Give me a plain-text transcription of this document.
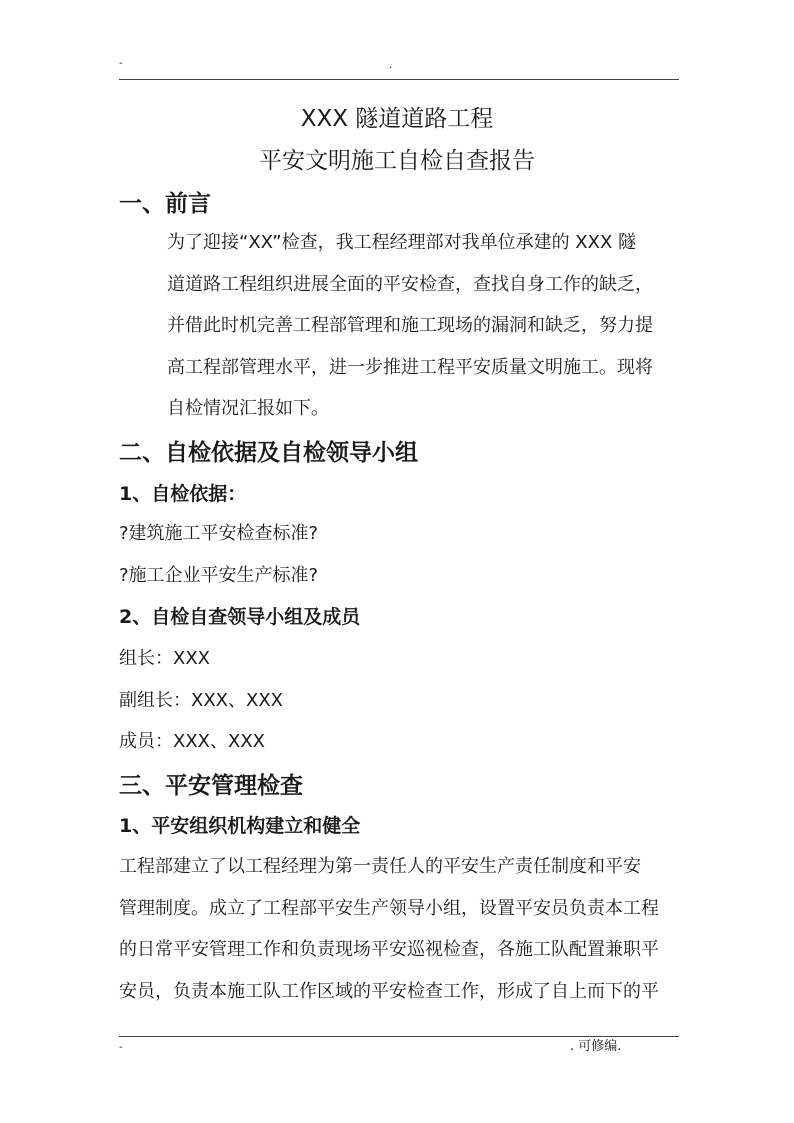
-	.
XXX 隧道道路工程
平安文明施工自检自查报告
一、前言
为了迎接“XX”检查，我工程经理部对我单位承建的 XXX 隧
道道路工程组织进展全面的平安检查，查找自身工作的缺乏，
并借此时机完善工程部管理和施工现场的漏洞和缺乏，努力提
高工程部管理水平，进一步推进工程平安质量文明施工。现将
自检情况汇报如下。
二、自检依据及自检领导小组
1、自检依据：
?建筑施工平安检查标准?
?施工企业平安生产标准?
2、自检自查领导小组及成员
组长：XXX
副组长：XXX、XXX
成员：XXX、XXX
三、平安管理检查
1、平安组织机构建立和健全
工程部建立了以工程经理为第一责任人的平安生产责任制度和平安
管理制度。成立了工程部平安生产领导小组，设置平安员负责本工程
的日常平安管理工作和负责现场平安巡视检查，各施工队配置兼职平
安员，负责本施工队工作区域的平安检查工作，形成了自上而下的平
-	. 可修编.
